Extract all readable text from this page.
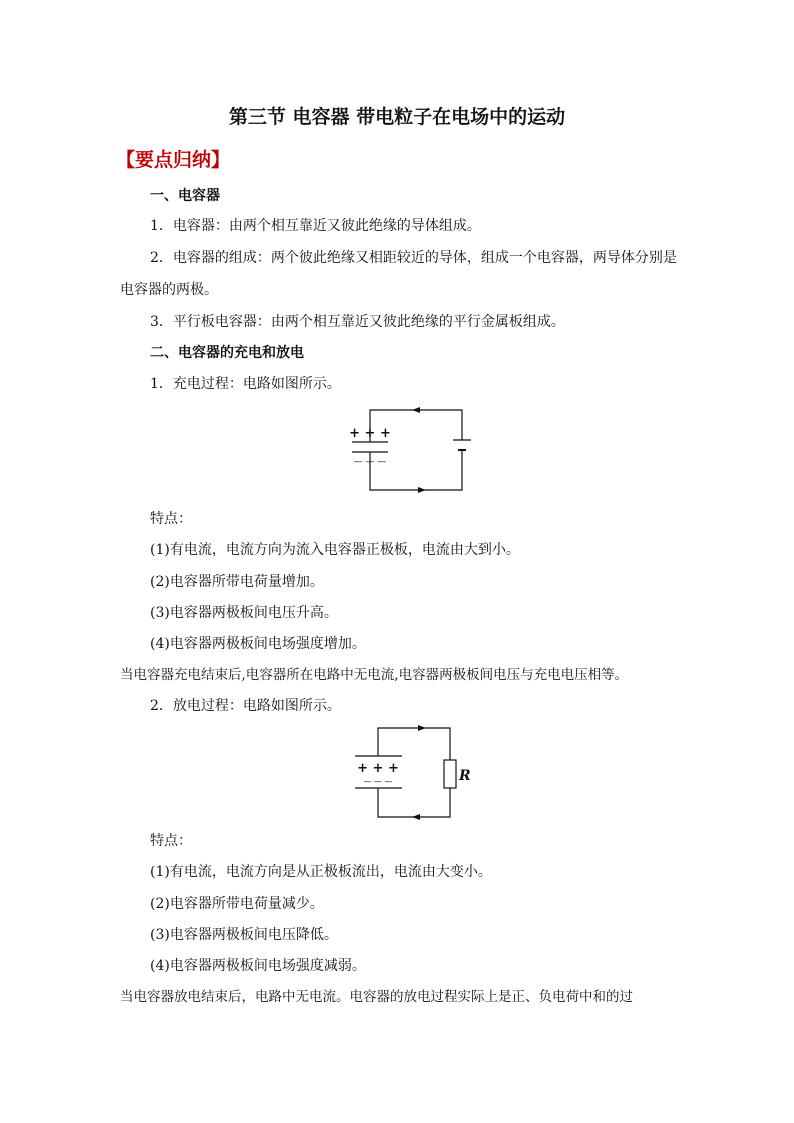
第三节 电容器 带电粒子在电场中的运动
【要点归纳】
一、电容器
1．电容器：由两个相互靠近又彼此绝缘的导体组成。
2．电容器的组成：两个彼此绝缘又相距较近的导体，组成一个电容器，两导体分别是
电容器的两极。
3．平行板电容器：由两个相互靠近又彼此绝缘的平行金属板组成。
二、电容器的充电和放电
1．充电过程：电路如图所示。
+ + +
— — —
特点：
(1)有电流，电流方向为流入电容器正极板，电流由大到小。
(2)电容器所带电荷量增加。
(3)电容器两极板间电压升高。
(4)电容器两极板间电场强度增加。
当电容器充电结束后,电容器所在电路中无电流,电容器两极板间电压与充电电压相等。
2．放电过程：电路如图所示。
+ + +
— — —	R
特点：
(1)有电流，电流方向是从正极板流出，电流由大变小。
(2)电容器所带电荷量减少。
(3)电容器两极板间电压降低。
(4)电容器两极板间电场强度减弱。
当电容器放电结束后，电路中无电流。电容器的放电过程实际上是正、负电荷中和的过
